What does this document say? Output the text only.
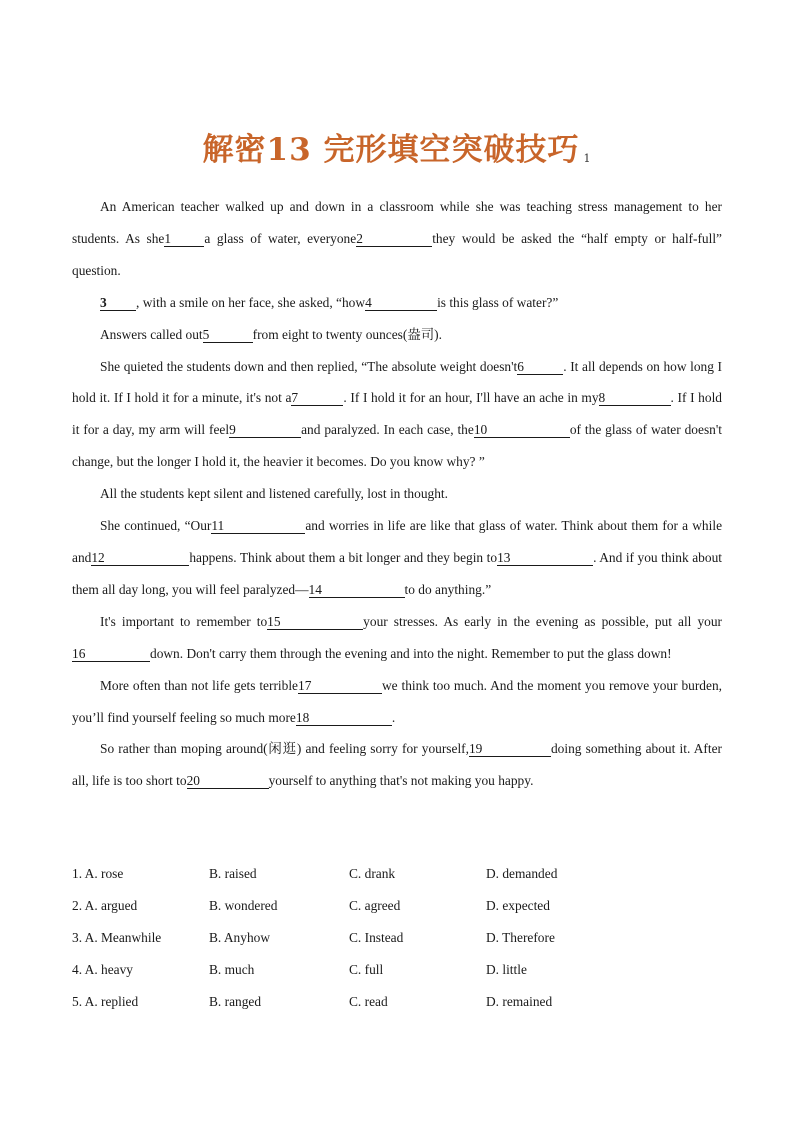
解密13 完形填空突破技巧 1

An American teacher walked up and down in a classroom while she was teaching stress management to her students. As she1 a glass of water, everyone2	they would be asked the “half empty or half-full” question.

3 , with a smile on her face, she asked, “how4	is this glass of water?”

Answers called out5	from eight to twenty ounces(盎司).

She quieted the students down and then replied, “The absolute weight doesn't6	. It all depends on how long I hold it. If I hold it for a minute, it's not a7	. If I hold it for an hour, I'll have an ache in my8	. If I hold it for a day, my arm will feel9	and paralyzed. In each case, the10	of the glass of water doesn't change, but the longer I hold it, the heavier it becomes. Do you know why? ”

All the students kept silent and listened carefully, lost in thought.

She continued, “Our11	and worries in life are like that glass of water. Think about them for a while and12	happens. Think about them a bit longer and they begin to13	. And if you think about them all day long, you will feel paralyzed—14	to do anything.”

It's important to remember to15	your stresses. As early in the evening as possible, put all your16	down. Don't carry them through the evening and into the night. Remember to put the glass down!

More often than not life gets terrible17	we think too much. And the moment you remove your burden, you’ll find yourself feeling so much more18	.

So rather than moping around(闲逛) and feeling sorry for yourself,19	doing something about it. After all, life is too short to20	yourself to anything that's not making you happy.

1. A. rose	B. raised	C. drank	D. demanded
2. A. argued	B. wondered	C. agreed	D. expected
3. A. Meanwhile	B. Anyhow	C. Instead	D. Therefore
4. A. heavy	B. much	C. full	D. little
5. A. replied	B. ranged	C. read	D. remained
